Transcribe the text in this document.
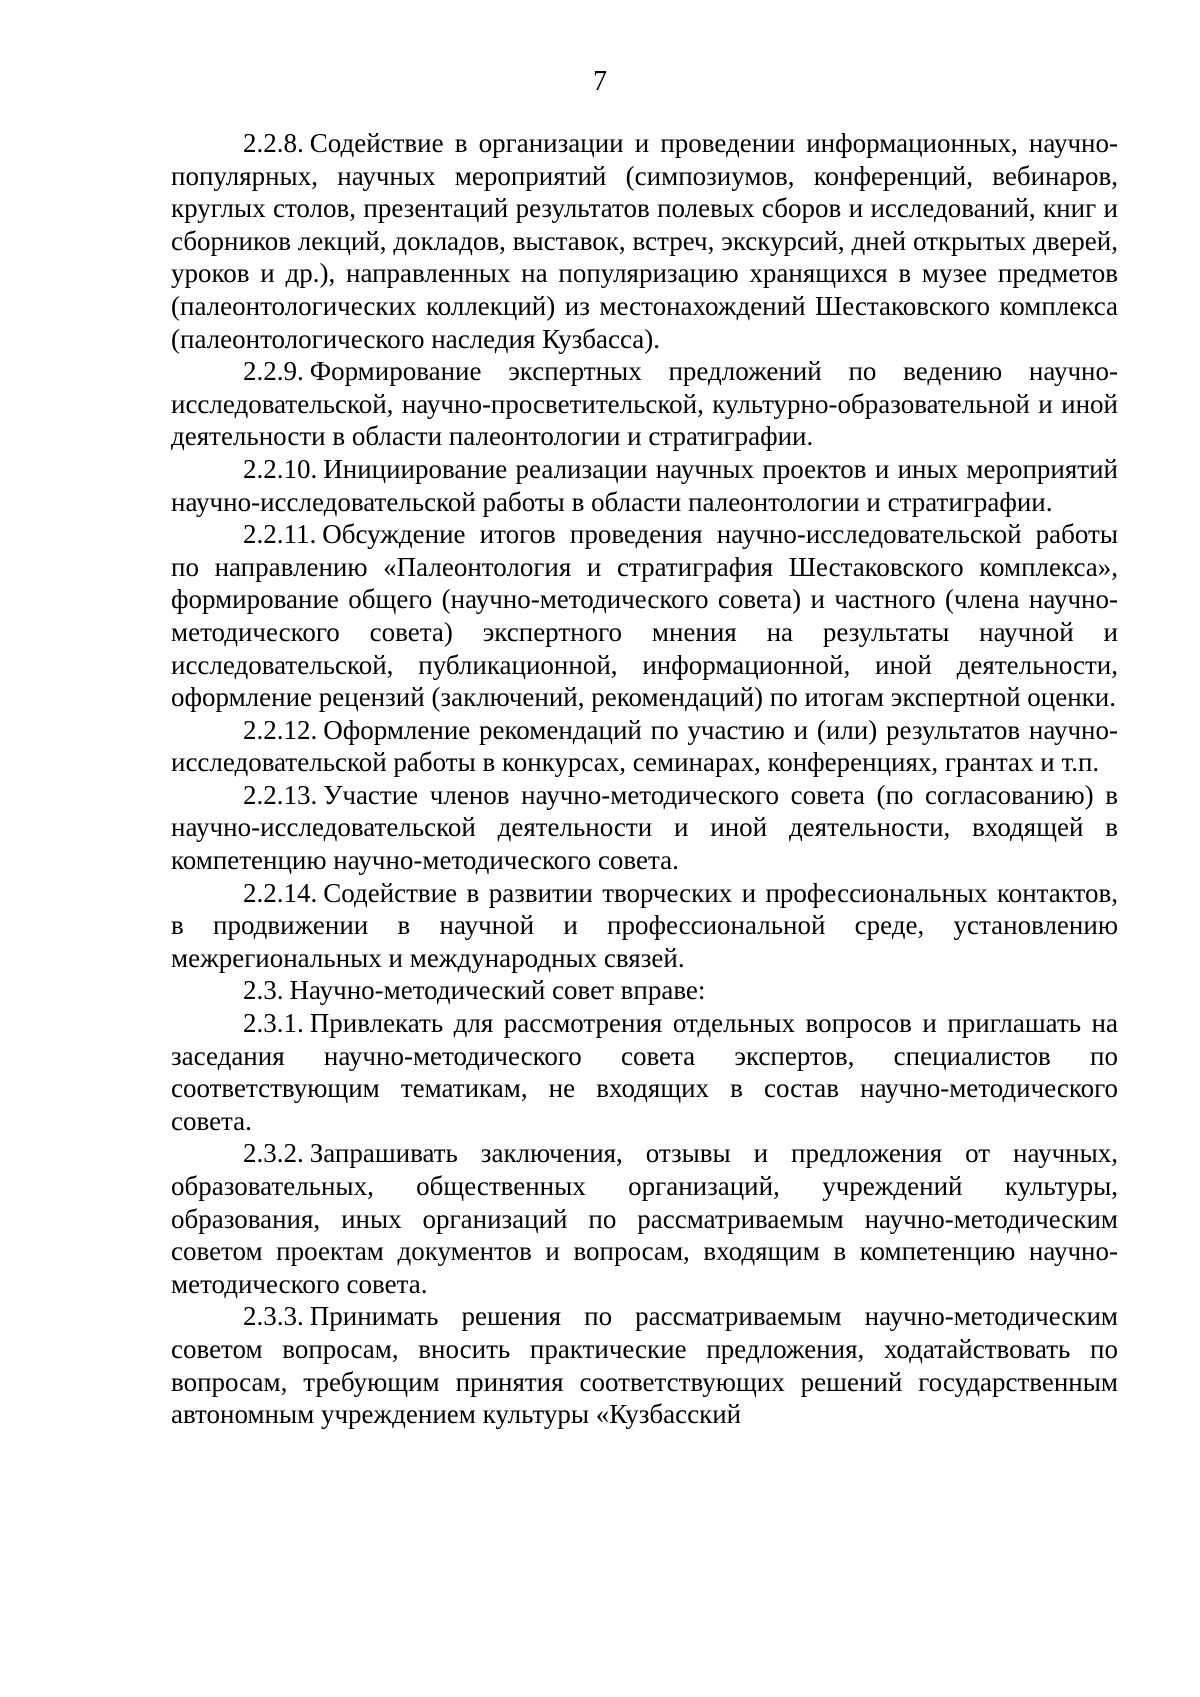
7

2.2.8. Содействие в организации и проведении информационных, научно-популярных, научных мероприятий (симпозиумов, конференций, вебинаров, круглых столов, презентаций результатов полевых сборов и исследований, книг и сборников лекций, докладов, выставок, встреч, экскурсий, дней открытых дверей, уроков и др.), направленных на популяризацию хранящихся в музее предметов (палеонтологических коллекций) из местонахождений Шестаковского комплекса (палеонтологического наследия Кузбасса).

2.2.9. Формирование экспертных предложений по ведению научно-исследовательской, научно-просветительской, культурно-образовательной и иной деятельности в области палеонтологии и стратиграфии.

2.2.10. Инициирование реализации научных проектов и иных мероприятий научно-исследовательской работы в области палеонтологии и стратиграфии.

2.2.11. Обсуждение итогов проведения научно-исследовательской работы по направлению «Палеонтология и стратиграфия Шестаковского комплекса», формирование общего (научно-методического совета) и частного (члена научно-методического совета) экспертного мнения на результаты научной и исследовательской, публикационной, информационной, иной деятельности, оформление рецензий (заключений, рекомендаций) по итогам экспертной оценки.

2.2.12. Оформление рекомендаций по участию и (или) результатов научно-исследовательской работы в конкурсах, семинарах, конференциях, грантах и т.п.

2.2.13. Участие членов научно-методического совета (по согласованию) в научно-исследовательской деятельности и иной деятельности, входящей в компетенцию научно-методического совета.

2.2.14. Содействие в развитии творческих и профессиональных контактов, в продвижении в научной и профессиональной среде, установлению межрегиональных и международных связей.

2.3. Научно-методический совет вправе:

2.3.1. Привлекать для рассмотрения отдельных вопросов и приглашать на заседания научно-методического совета экспертов, специалистов по соответствующим тематикам, не входящих в состав научно-методического совета.

2.3.2. Запрашивать заключения, отзывы и предложения от научных, образовательных, общественных организаций, учреждений культуры, образования, иных организаций по рассматриваемым научно-методическим советом проектам документов и вопросам, входящим в компетенцию научно-методического совета.

2.3.3. Принимать решения по рассматриваемым научно-методическим советом вопросам, вносить практические предложения, ходатайствовать по вопросам, требующим принятия соответствующих решений государственным автономным учреждением культуры «Кузбасский
